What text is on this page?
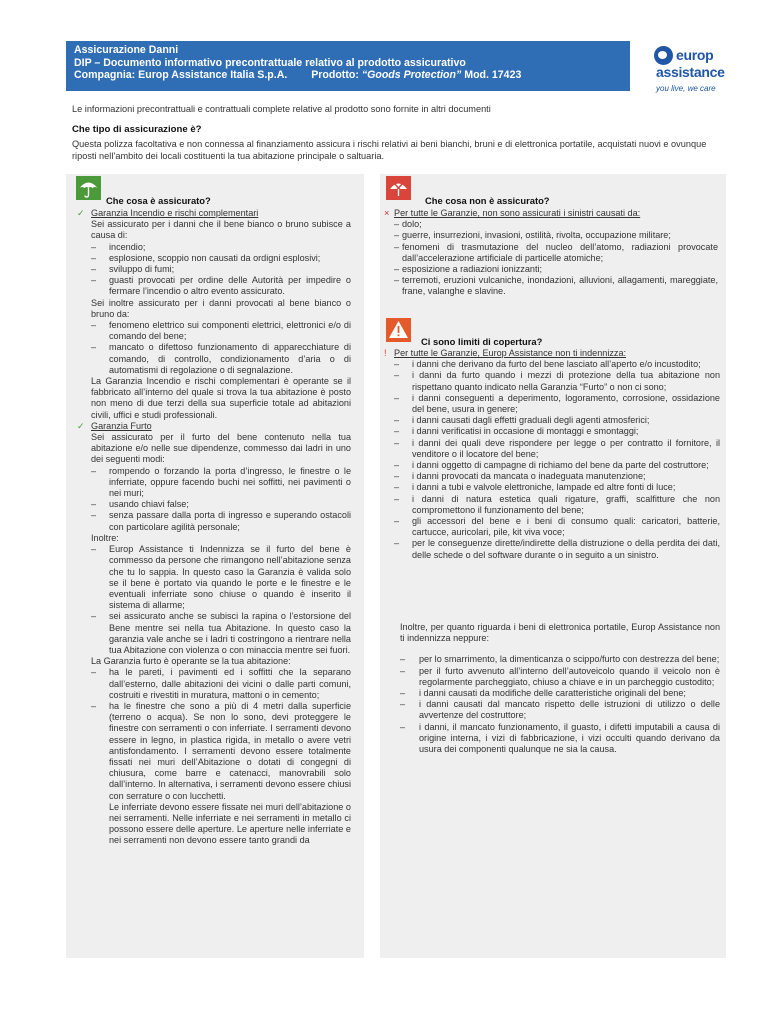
Assicurazione Danni
DIP – Documento informativo precontrattuale relativo al prodotto assicurativo
Compagnia: Europ Assistance Italia S.p.A. Prodotto: “Goods Protection” Mod. 17423
europ
assistance
you live, we care
Le informazioni precontrattuali e contrattuali complete relative al prodotto sono fornite in altri documenti
Che tipo di assicurazione è?
Questa polizza facoltativa e non connessa al finanziamento assicura i rischi relativi ai beni bianchi, bruni e di elettronica portatile, acquistati nuovi e ovunque riposti nell’ambito dei locali costituenti la tua abitazione principale o saltuaria.
Che cosa è assicurato?	Che cosa non è assicurato?
Ci sono limiti di copertura?
✓ Garanzia Incendio e rischi complementari

Sei assicurato per i danni che il bene bianco o bruno subisce a causa di:

– incendio;
– esplosione, scoppio non causati da ordigni esplosivi;
– sviluppo di fumi;
– guasti provocati per ordine delle Autorità per impedire o fermare l’incendio o altro evento assicurato.

Sei inoltre assicurato per i danni provocati al bene bianco o bruno da:

– fenomeno elettrico sui componenti elettrici, elettronici e/o di comando del bene;
– mancato o difettoso funzionamento di apparecchiature di comando, di controllo, condizionamento d’aria o di automatismi di regolazione o di segnalazione.

La Garanzia Incendio e rischi complementari è operante se il fabbricato all’interno del quale si trova la tua abitazione è posto non meno di due terzi della sua superficie totale ad abitazioni civili, uffici e studi professionali.

✓ Garanzia Furto

Sei assicurato per il furto del bene contenuto nella tua abitazione e/o nelle sue dipendenze, commesso dai ladri in uno dei seguenti modi:

– rompendo o forzando la porta d’ingresso, le finestre o le inferriate, oppure facendo buchi nei soffitti, nei pavimenti o nei muri;
– usando chiavi false;
– senza passare dalla porta di ingresso e superando ostacoli con particolare agilità personale;

Inoltre:

– Europ Assistance ti Indennizza se il furto del bene è commesso da persone che rimangono nell’abitazione senza che tu lo sappia. In questo caso la Garanzia è valida solo se il bene è portato via quando le porte e le finestre e le eventuali inferriate sono chiuse o quando è inserito il sistema di allarme;
– sei assicurato anche se subisci la rapina o l’estorsione del Bene mentre sei nella tua Abitazione. In questo caso la garanzia vale anche se i ladri ti costringono a rientrare nella tua Abitazione con violenza o con minaccia mentre sei fuori.

La Garanzia furto è operante se la tua abitazione:

– ha le pareti, i pavimenti ed i soffitti che la separano dall’esterno, dalle abitazioni dei vicini o dalle parti comuni, costruiti e rivestiti in muratura, mattoni o in cemento;
– ha le finestre che sono a più di 4 metri dalla superficie (terreno o acqua). Se non lo sono, devi proteggere le finestre con serramenti o con inferriate. I serramenti devono essere in legno, in plastica rigida, in metallo o avere vetri antisfondamento. I serramenti devono essere totalmente fissati nei muri dell’Abitazione o dotati di congegni di chiusura, come barre e catenacci, manovrabili solo dall’interno. In alternativa, i serramenti devono essere chiusi con serrature o con lucchetti.

Le inferriate devono essere fissate nei muri dell’abitazione o nei serramenti. Nelle inferriate e nei serramenti in metallo ci possono essere delle aperture. Le aperture nelle inferriate e nei serramenti non devono essere tanto grandi da

× Per tutte le Garanzie, non sono assicurati i sinistri causati da:

– dolo;
– guerre, insurrezioni, invasioni, ostilità, rivolta, occupazione militare;
– fenomeni di trasmutazione del nucleo dell’atomo, radiazioni provocate dall’accelerazione artificiale di particelle atomiche;
– esposizione a radiazioni ionizzanti;
– terremoti, eruzioni vulcaniche, inondazioni, alluvioni, allagamenti, mareggiate, frane, valanghe e slavine.
! Per tutte le Garanzie, Europ Assistance non ti indennizza:

– i danni che derivano da furto del bene lasciato all’aperto e/o incustodito;
– i danni da furto quando i mezzi di protezione della tua abitazione non rispettano quanto indicato nella Garanzia “Furto” o non ci sono;
– i danni conseguenti a deperimento, logoramento, corrosione, ossidazione del bene, usura in genere;
– i danni causati dagli effetti graduali degli agenti atmosferici;
– i danni verificatisi in occasione di montaggi e smontaggi;
– i danni dei quali deve rispondere per legge o per contratto il fornitore, il venditore o il locatore del bene;
– i danni oggetto di campagne di richiamo del bene da parte del costruttore;
– i danni provocati da mancata o inadeguata manutenzione;
– i danni a tubi e valvole elettroniche, lampade ed altre fonti di luce;
– i danni di natura estetica quali rigature, graffi, scalfitture che non compromettono il funzionamento del bene;
– gli accessori del bene e i beni di consumo quali: caricatori, batterie, cartucce, auricolari, pile, kit viva voce;
– per le conseguenze dirette/indirette della distruzione o della perdita dei dati, delle schede o del software durante o in seguito a un sinistro.

Inoltre, per quanto riguarda i beni di elettronica portatile, Europ Assistance non ti indennizza neppure:

– per lo smarrimento, la dimenticanza o scippo/furto con destrezza del bene;
– per il furto avvenuto all’interno dell’autoveicolo quando il veicolo non è regolarmente parcheggiato, chiuso a chiave e in un parcheggio custodito;
– i danni causati da modifiche delle caratteristiche originali del bene;
– i danni causati dal mancato rispetto delle istruzioni di utilizzo o delle avvertenze del costruttore;
– i danni, il mancato funzionamento, il guasto, i difetti imputabili a causa di origine interna, i vizi di fabbricazione, i vizi occulti quando derivano da usura dei componenti qualunque ne sia la causa.
